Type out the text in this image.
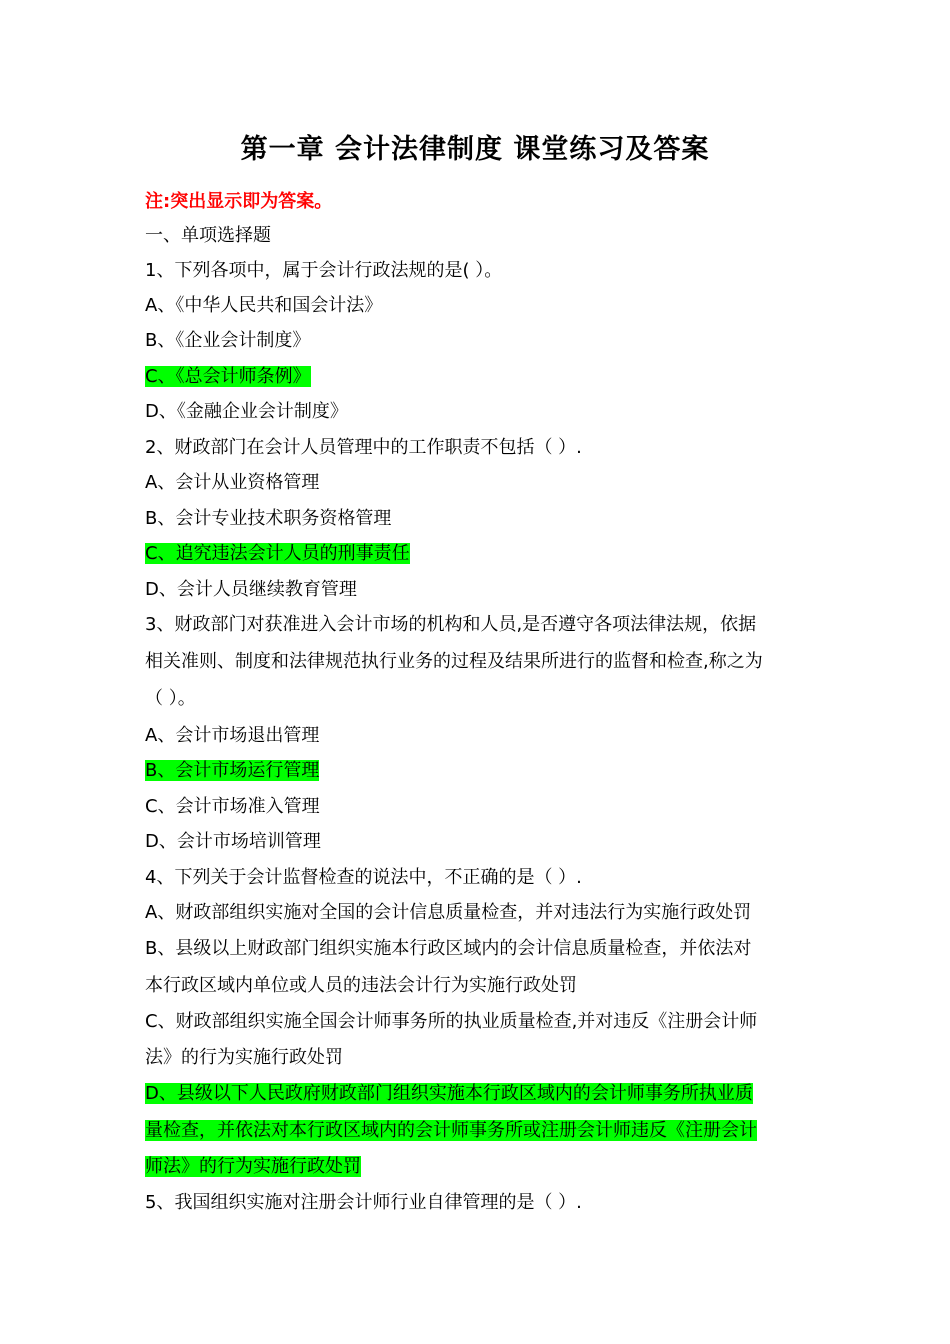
第一章 会计法律制度 课堂练习及答案
注:突出显示即为答案。
一、单项选择题
1、下列各项中，属于会计行政法规的是( ）。
A、《中华人民共和国会计法》
B、《企业会计制度》
C、《总会计师条例》
D、《金融企业会计制度》
2、财政部门在会计人员管理中的工作职责不包括（ ）.
A、会计从业资格管理
B、会计专业技术职务资格管理
C、追究违法会计人员的刑事责任
D、会计人员继续教育管理
3、财政部门对获准进入会计市场的机构和人员,是否遵守各项法律法规，依据
相关准则、制度和法律规范执行业务的过程及结果所进行的监督和检查,称之为
（ ）。
A、会计市场退出管理
B、会计市场运行管理
C、会计市场准入管理
D、会计市场培训管理
4、下列关于会计监督检查的说法中，不正确的是（ ）.
A、财政部组织实施对全国的会计信息质量检查，并对违法行为实施行政处罚
B、县级以上财政部门组织实施本行政区域内的会计信息质量检查，并依法对
本行政区域内单位或人员的违法会计行为实施行政处罚
C、财政部组织实施全国会计师事务所的执业质量检查,并对违反《注册会计师
法》的行为实施行政处罚
D、县级以下人民政府财政部门组织实施本行政区域内的会计师事务所执业质
量检查，并依法对本行政区域内的会计师事务所或注册会计师违反《注册会计
师法》的行为实施行政处罚
5、我国组织实施对注册会计师行业自律管理的是（ ）.
